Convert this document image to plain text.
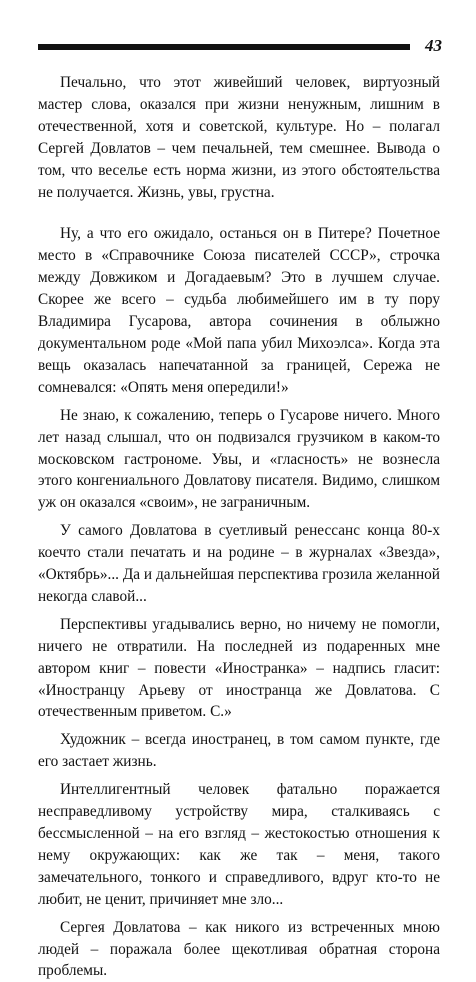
43

Печально, что этот живейший человек, виртуозный мастер слова, оказался при жизни ненужным, лишним в отечественной, хотя и советской, культуре. Но – полагал Сергей Довлатов – чем печальней, тем смешнее. Вывода о том, что веселье есть норма жизни, из этого обстоятельства не получается. Жизнь, увы, грустна.

Ну, а что его ожидало, останься он в Питере? Почетное место в «Справочнике Союза писателей СССР», строчка между Довжиком и Догадаевым? Это в лучшем случае. Скорее же всего – судьба любимейшего им в ту пору Владимира Гусарова, автора сочинения в облыжно документальном роде «Мой папа убил Михоэлса». Когда эта вещь оказалась напечатанной за границей, Сережа не сомневался: «Опять меня опередили!»

Не знаю, к сожалению, теперь о Гусарове ничего. Много лет назад слышал, что он подвизался грузчиком в каком-то московском гастрономе. Увы, и «гласность» не вознесла этого конгениального Довлатову писателя. Видимо, слишком уж он оказался «своим», не заграничным.

У самого Довлатова в суетливый ренессанс конца 80-х коечто стали печатать и на родине – в журналах «Звезда», «Октябрь»... Да и дальнейшая перспектива грозила желанной некогда славой...

Перспективы угадывались верно, но ничему не помогли, ничего не отвратили. На последней из подаренных мне автором книг – повести «Иностранка» – надпись гласит: «Иностранцу Арьеву от иностранца же Довлатова. С отечественным приветом. С.»

Художник – всегда иностранец, в том самом пункте, где его застает жизнь.

Интеллигентный человек фатально поражается несправедливому устройству мира, сталкиваясь с бессмысленной – на его взгляд – жестокостью отношения к нему окружающих: как же так – меня, такого замечательного, тонкого и справедливого, вдруг кто-то не любит, не ценит, причиняет мне зло...

Сергея Довлатова – как никого из встреченных мною людей – поражала более щекотливая обратная сторона проблемы.
